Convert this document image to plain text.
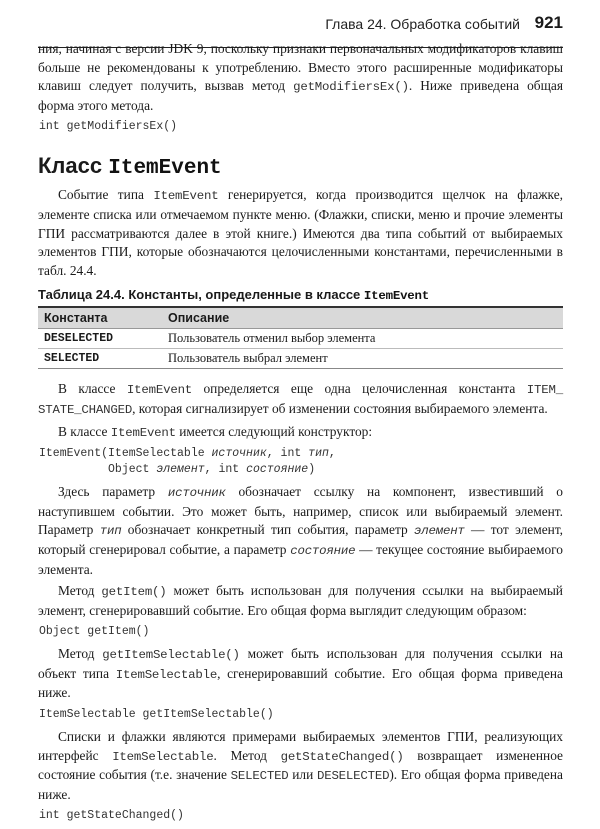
Глава 24. Обработка событий 921

ния, начиная с версии JDK 9, поскольку признаки первоначальных модификаторов клавиш больше не рекомендованы к употреблению. Вместо этого расширенные модификаторы клавиш следует получить, вызвав метод getModifiersEx(). Ниже приведена общая форма этого метода.

int getModifiersEx()
Класс ItemEvent

Событие типа ItemEvent генерируется, когда производится щелчок на флажке, элементе списка или отмечаемом пункте меню. (Флажки, списки, меню и прочие элементы ГПИ рассматриваются далее в этой книге.) Имеются два типа событий от выбираемых элементов ГПИ, которые обозначаются целочисленными константами, перечисленными в табл. 24.4.

Таблица 24.4. Константы, определенные в классе ItemEvent
Константа	Описание
DESELECTED	Пользователь отменил выбор элемента
SELECTED	Пользователь выбрал элемент

В классе ItemEvent определяется еще одна целочисленная константа ITEM_ STATE_CHANGED, которая сигнализирует об изменении состояния выбираемого элемента.

В классе ItemEvent имеется следующий конструктор:

ItemEvent(ItemSelectable источник, int тип,
Object элемент, int состояние)

Здесь параметр источник обозначает ссылку на компонент, известивший о наступившем событии. Это может быть, например, список или выбираемый элемент. Параметр тип обозначает конкретный тип события, параметр элемент — тот элемент, который сгенерировал событие, а параметр состояние — текущее состояние выбираемого элемента.

Метод getItem() может быть использован для получения ссылки на выбираемый элемент, сгенерировавший событие. Его общая форма выглядит следующим образом:

Object getItem()

Метод getItemSelectable() может быть использован для получения ссылки на объект типа ItemSelectable, сгенерировавший событие. Его общая форма приведена ниже.

ItemSelectable getItemSelectable()

Списки и флажки являются примерами выбираемых элементов ГПИ, реализующих интерфейс ItemSelectable. Метод getStateChanged() возвращает измененное состояние события (т.е. значение SELECTED или DESELECTED). Его общая форма приведена ниже.

int getStateChanged()
